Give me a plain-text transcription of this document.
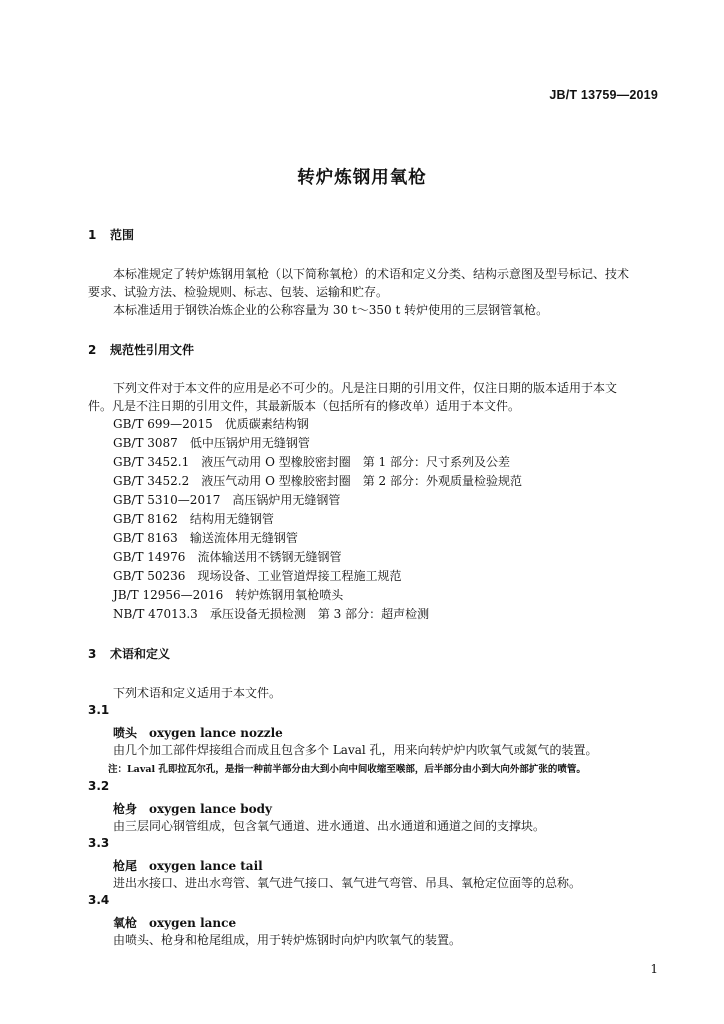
JB/T 13759—2019
转炉炼钢用氧枪
1 范围
本标准规定了转炉炼钢用氧枪（以下简称氧枪）的术语和定义分类、结构示意图及型号标记、技术
要求、试验方法、检验规则、标志、包装、运输和贮存。
本标准适用于钢铁冶炼企业的公称容量为 30 t～350 t 转炉使用的三层钢管氧枪。
2 规范性引用文件
下列文件对于本文件的应用是必不可少的。凡是注日期的引用文件，仅注日期的版本适用于本文
件。凡是不注日期的引用文件，其最新版本（包括所有的修改单）适用于本文件。
GB/T 699—2015 优质碳素结构钢
GB/T 3087 低中压锅炉用无缝钢管
GB/T 3452.1 液压气动用 O 型橡胶密封圈　第 1 部分：尺寸系列及公差
GB/T 3452.2 液压气动用 O 型橡胶密封圈　第 2 部分：外观质量检验规范
GB/T 5310—2017 高压锅炉用无缝钢管
GB/T 8162 结构用无缝钢管
GB/T 8163 输送流体用无缝钢管
GB/T 14976 流体输送用不锈钢无缝钢管
GB/T 50236 现场设备、工业管道焊接工程施工规范
JB/T 12956—2016 转炉炼钢用氧枪喷头
NB/T 47013.3 承压设备无损检测　第 3 部分：超声检测
3 术语和定义
下列术语和定义适用于本文件。
3.1
喷头 oxygen lance nozzle
由几个加工部件焊接组合而成且包含多个 Laval 孔，用来向转炉炉内吹氧气或氮气的装置。
注：Laval 孔即拉瓦尔孔，是指一种前半部分由大到小向中间收缩至喉部，后半部分由小到大向外部扩张的喷管。
3.2
枪身 oxygen lance body
由三层同心钢管组成，包含氧气通道、进水通道、出水通道和通道之间的支撑块。
3.3
枪尾 oxygen lance tail
进出水接口、进出水弯管、氧气进气接口、氧气进气弯管、吊具、氧枪定位面等的总称。
3.4
氧枪 oxygen lance
由喷头、枪身和枪尾组成，用于转炉炼钢时向炉内吹氧气的装置。
1
